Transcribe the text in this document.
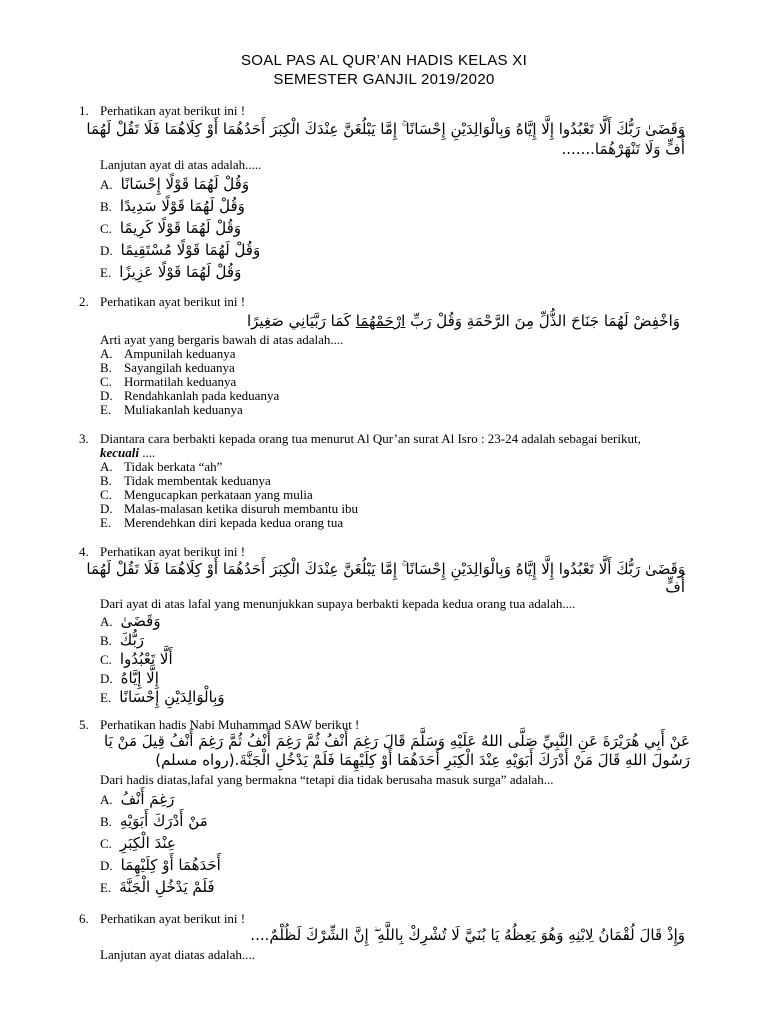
SOAL PAS AL QUR’AN HADIS KELAS XI
SEMESTER GANJIL 2019/2020
1. Perhatikan ayat berikut ini !
وَقَضَىٰ رَبُّكَ أَلَّا تَعْبُدُوا إِلَّا إِيَّاهُ وَبِالْوَالِدَيْنِ إِحْسَانًا ۚ إِمَّا يَبْلُغَنَّ عِنْدَكَ الْكِبَرَ أَحَدُهُمَا أَوْ كِلَاهُمَا فَلَا تَقُلْ لَهُمَا
أُفٍّ وَلَا تَنْهَرْهُمَا.......
Lanjutan ayat di atas adalah.....
A. وَقُلْ لَهُمَا قَوْلًا إِحْسَانًا
B. وَقُلْ لَهُمَا قَوْلًا سَدِيدًا
C. وَقُلْ لَهُمَا قَوْلًا كَرِيمًا
D. وَقُلْ لَهُمَا قَوْلًا مُسْتَقِيمًا
E. وَقُلْ لَهُمَا قَوْلًا عَزِيزًا
2. Perhatikan ayat berikut ini !
وَاخْفِضْ لَهُمَا جَنَاحَ الذُّلِّ مِنَ الرَّحْمَةِ وَقُلْ رَبِّ ارْحَمْهُمَا كَمَا رَبَّيَانِي صَغِيرًا
Arti ayat yang bergaris bawah di atas adalah....
A. Ampunilah keduanya
B. Sayangilah keduanya
C. Hormatilah keduanya
D. Rendahkanlah pada keduanya
E. Muliakanlah keduanya
3. Diantara cara berbakti kepada orang tua menurut Al Qur’an surat Al Isro : 23-24 adalah sebagai berikut,
kecuali ....
A. Tidak berkata “ah”
B. Tidak membentak keduanya
C. Mengucapkan perkataan yang mulia
D. Malas-malasan ketika disuruh membantu ibu
E. Merendehkan diri kepada kedua orang tua
4. Perhatikan ayat berikut ini !
وَقَضَىٰ رَبُّكَ أَلَّا تَعْبُدُوا إِلَّا إِيَّاهُ وَبِالْوَالِدَيْنِ إِحْسَانًا ۚ إِمَّا يَبْلُغَنَّ عِنْدَكَ الْكِبَرَ أَحَدُهُمَا أَوْ كِلَاهُمَا فَلَا تَقُلْ لَهُمَا
أُفٍّ
Dari ayat di atas lafal yang menunjukkan supaya berbakti kepada kedua orang tua adalah....
A. وَقَضَىٰ
B. رَبُّكَ
C. أَلَّا تَعْبُدُوا
D. إِلَّا إِيَّاهُ
E. وَبِالْوَالِدَيْنِ إِحْسَانًا
5. Perhatikan hadis Nabi Muhammad SAW berikut !
عَنْ أَبِي هُرَيْرَةَ عَنِ النَّبِيِّ صَلَّى اللهُ عَلَيْهِ وَسَلَّمَ قَالَ رَغِمَ أَنْفُ ثُمَّ رَغِمَ أَنْفُ ثُمَّ رَغِمَ أَنْفُ قِيلَ مَنْ يَا
رَسُولَ اللهِ قَالَ مَنْ أَدْرَكَ أَبَوَيْهِ عِنْدَ الْكِبَرِ أَحَدَهُمَا أَوْ كِلَيْهِمَا فَلَمْ يَدْخُلِ الْجَنَّةَ.(رواه مسلم)
Dari hadis diatas,lafal yang bermakna “tetapi dia tidak berusaha masuk surga” adalah...
A. رَغِمَ أَنْفُ
B. مَنْ أَدْرَكَ أَبَوَيْهِ
C. عِنْدَ الْكِبَرِ
D. أَحَدَهُمَا أَوْ كِلَيْهِمَا
E. فَلَمْ يَدْخُلِ الْجَنَّةَ
6. Perhatikan ayat berikut ini !
وَإِذْ قَالَ لُقْمَانُ لِابْنِهِ وَهُوَ يَعِظُهُ يَا بُنَيَّ لَا تُشْرِكْ بِاللَّهِ ۖ إِنَّ الشِّرْكَ لَظُلْمٌ....
Lanjutan ayat diatas adalah....
